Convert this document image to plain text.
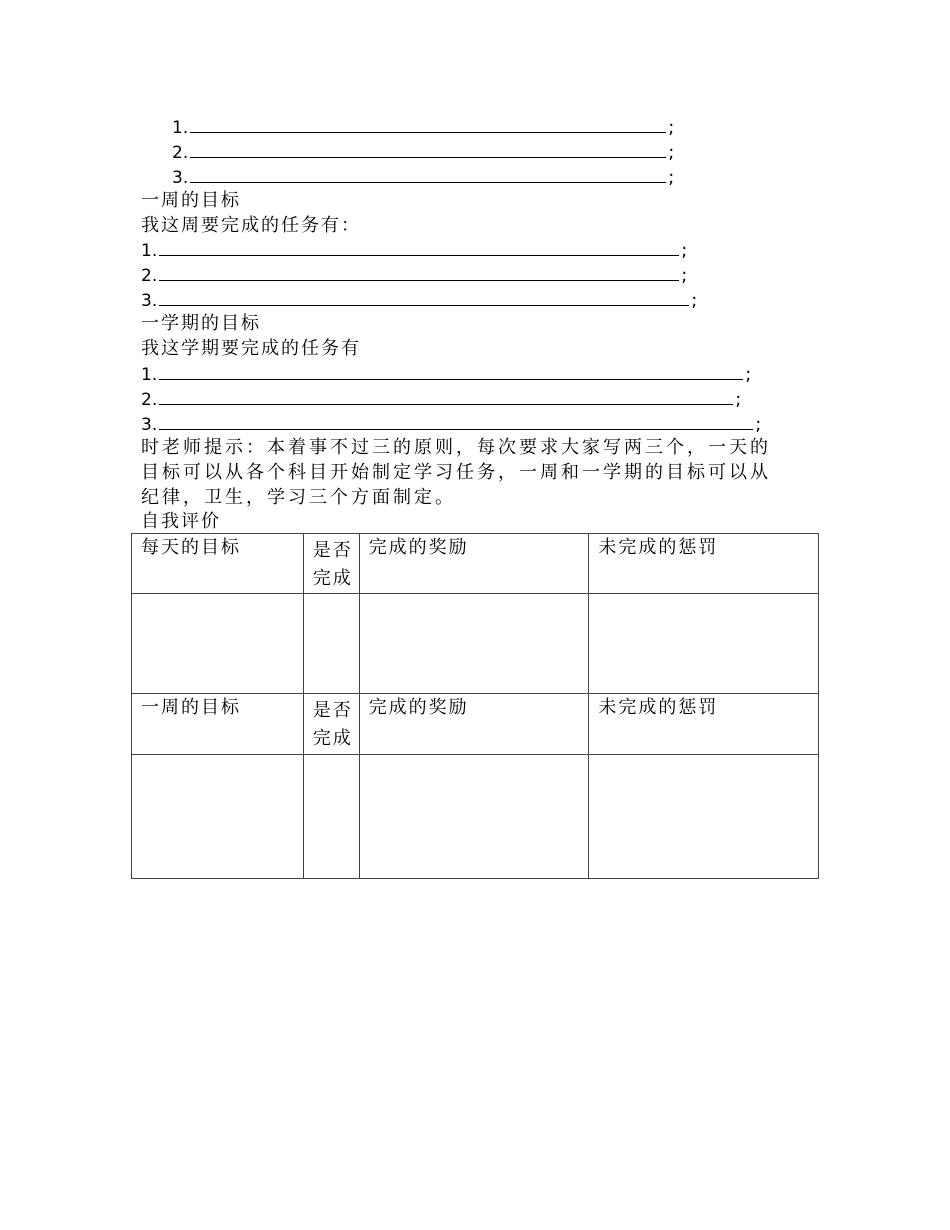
1.	;
2.	;
3.	;
一周的目标
我这周要完成的任务有：
1.	;
2.	;
3.	;
一学期的目标
我这学期要完成的任务有
1.	;
2.	;
3.	;
时老师提示：本着事不过三的原则，每次要求大家写两三个，一天的
目标可以从各个科目开始制定学习任务，一周和一学期的目标可以从
纪律，卫生，学习三个方面制定。
自我评价
每天的目标	是否完成	完成的奖励	未完成的惩罚

一周的目标	是否完成	完成的奖励	未完成的惩罚
